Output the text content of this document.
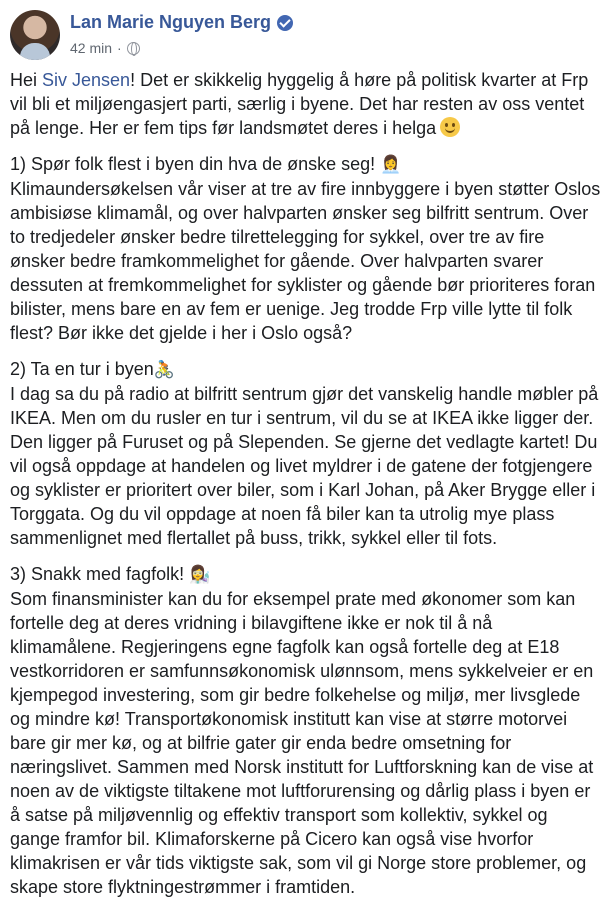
Lan Marie Nguyen Berg
42 min ·

Hei Siv Jensen! Det er skikkelig hyggelig å høre på politisk kvarter at Frp vil bli et miljøengasjert parti, særlig i byene. Det har resten av oss ventet på lenge. Her er fem tips før landsmøtet deres i helga

1) Spør folk flest i byen din hva de ønske seg! 👩‍💼
Klimaundersøkelsen vår viser at tre av fire innbyggere i byen støtter Oslos ambisiøse klimamål, og over halvparten ønsker seg bilfritt sentrum. Over to tredjedeler ønsker bedre tilrettelegging for sykkel, over tre av fire ønsker bedre framkommelighet for gående. Over halvparten svarer dessuten at fremkommelighet for syklister og gående bør prioriteres foran bilister, mens bare en av fem er uenige. Jeg trodde Frp ville lytte til folk flest? Bør ikke det gjelde i her i Oslo også?

2) Ta en tur i byen🚴
I dag sa du på radio at bilfritt sentrum gjør det vanskelig handle møbler på IKEA. Men om du rusler en tur i sentrum, vil du se at IKEA ikke ligger der. Den ligger på Furuset og på Slependen. Se gjerne det vedlagte kartet! Du vil også oppdage at handelen og livet myldrer i de gatene der fotgjengere og syklister er prioritert over biler, som i Karl Johan, på Aker Brygge eller i Torggata. Og du vil oppdage at noen få biler kan ta utrolig mye plass sammenlignet med flertallet på buss, trikk, sykkel eller til fots.

3) Snakk med fagfolk! 👩‍🔬
Som finansminister kan du for eksempel prate med økonomer som kan fortelle deg at deres vridning i bilavgiftene ikke er nok til å nå klimamålene. Regjeringens egne fagfolk kan også fortelle deg at E18 vestkorridoren er samfunnsøkonomisk ulønnsom, mens sykkelveier er en kjempegod investering, som gir bedre folkehelse og miljø, mer livsglede og mindre kø! Transportøkonomisk institutt kan vise at større motorvei bare gir mer kø, og at bilfrie gater gir enda bedre omsetning for næringslivet. Sammen med Norsk institutt for Luftforskning kan de vise at noen av de viktigste tiltakene mot luftforurensing og dårlig plass i byen er å satse på miljøvennlig og effektiv transport som kollektiv, sykkel og gange framfor bil. Klimaforskerne på Cicero kan også vise hvorfor klimakrisen er vår tids viktigste sak, som vil gi Norge store problemer, og skape store flyktningestrømmer i framtiden.
